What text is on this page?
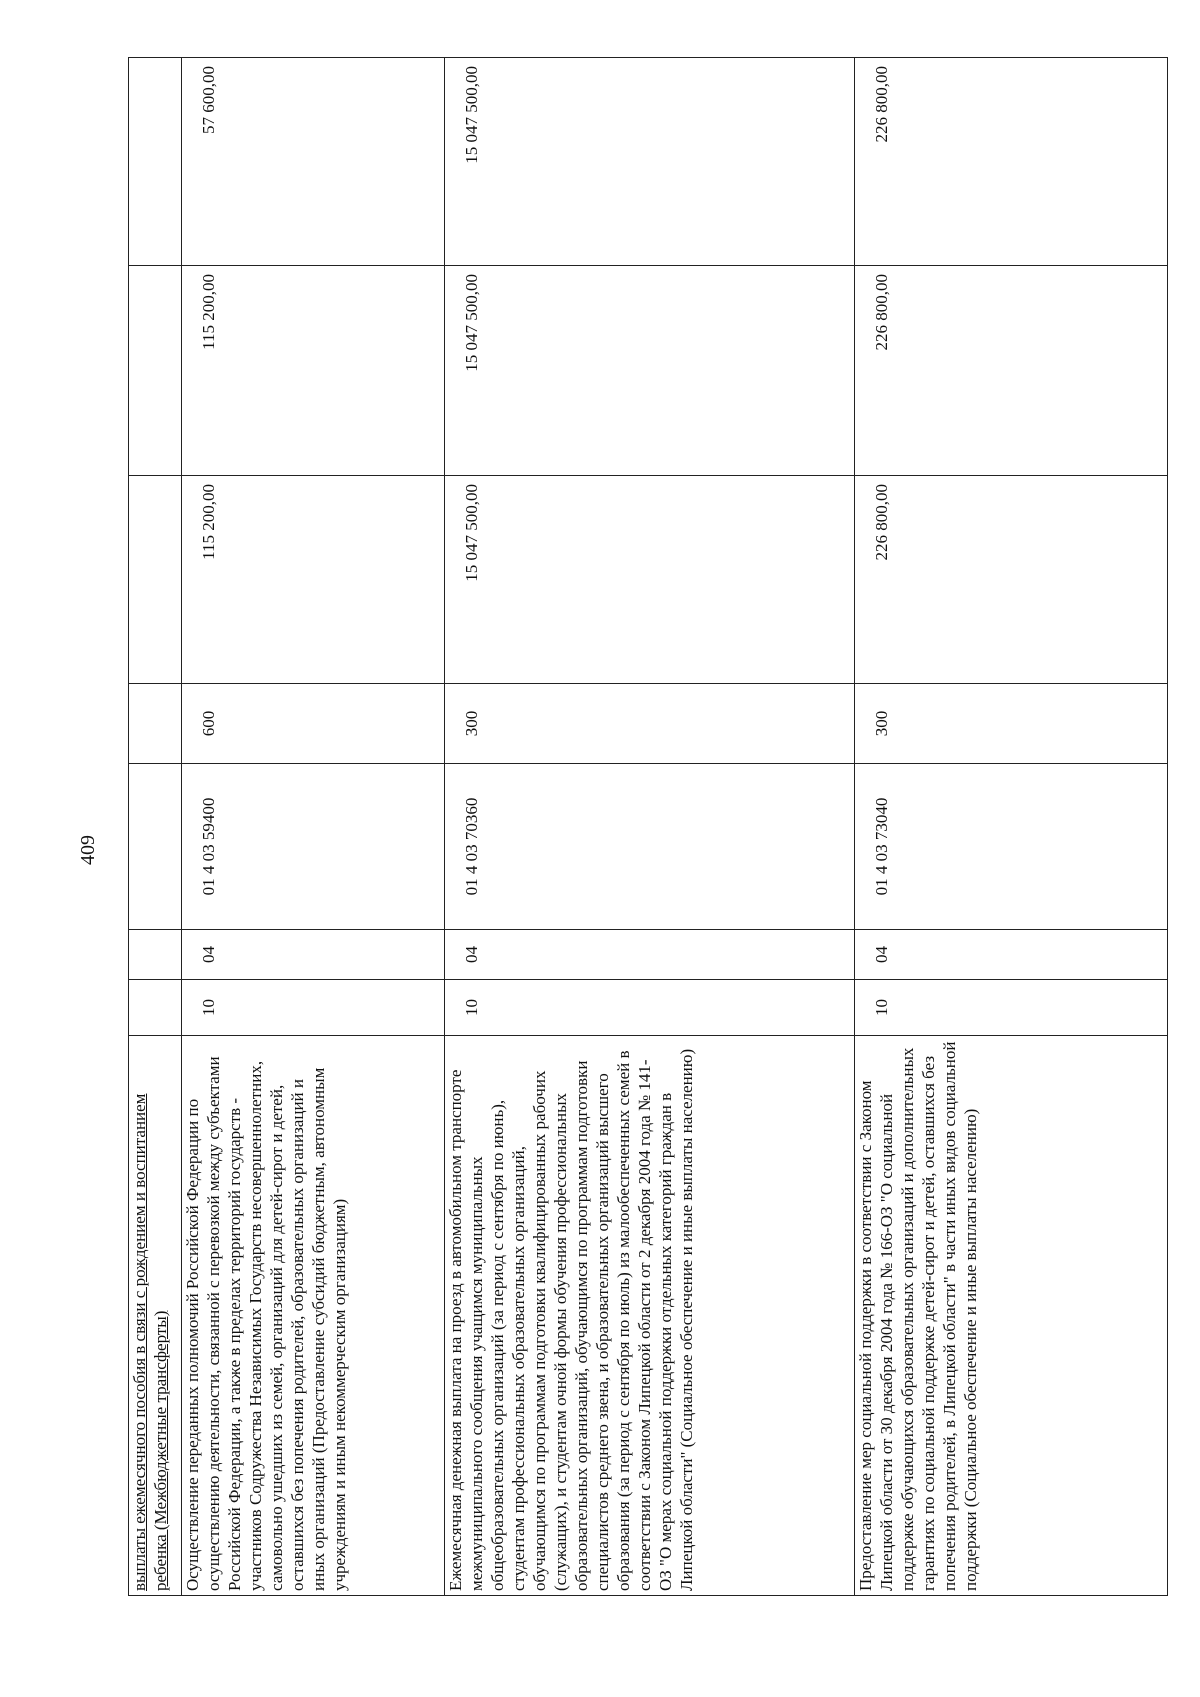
409
выплаты ежемесячного пособия в связи с рождением и воспитанием ребенка (Межбюджетные трансферты)							
Осуществление переданных полномочий Российской Федерации по осуществлению деятельности, связанной с перевозкой между субъектами Российской Федерации, а также в пределах территорий государств - участников Содружества Независимых Государств несовершеннолетних, самовольно ушедших из семей, организаций для детей-сирот и детей, оставшихся без попечения родителей, образовательных организаций и иных организаций (Предоставление субсидий бюджетным, автономным учреждениям и иным некоммерческим организациям)	10	04	01 4 03 59400	600	115 200,00	115 200,00	57 600,00
Ежемесячная денежная выплата на проезд в автомобильном транспорте межмуниципального сообщения учащимся муниципальных общеобразовательных организаций (за период с сентября по июнь), студентам профессиональных образовательных организаций, обучающимся по программам подготовки квалифицированных рабочих (служащих), и студентам очной формы обучения профессиональных образовательных организаций, обучающимся по программам подготовки специалистов среднего звена, и образовательных организаций высшего образования (за период с сентября по июль) из малообеспеченных семей в соответствии с Законом Липецкой области от 2 декабря 2004 года № 141-ОЗ "О мерах социальной поддержки отдельных категорий граждан в Липецкой области" (Социальное обеспечение и иные выплаты населению)	10	04	01 4 03 70360	300	15 047 500,00	15 047 500,00	15 047 500,00
Предоставление мер социальной поддержки в соответствии с Законом Липецкой области от 30 декабря 2004 года № 166-ОЗ "О социальной поддержке обучающихся образовательных организаций и дополнительных гарантиях по социальной поддержке детей-сирот и детей, оставшихся без попечения родителей, в Липецкой области" в части иных видов социальной поддержки (Социальное обеспечение и иные выплаты населению)	10	04	01 4 03 73040	300	226 800,00	226 800,00	226 800,00
